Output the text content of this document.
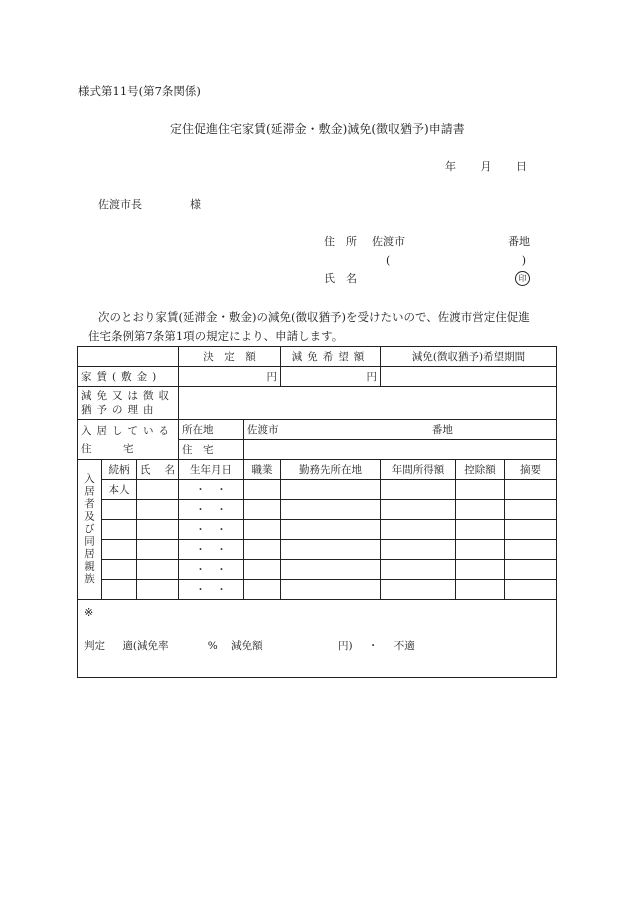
様式第11号(第7条関係)
定住促進住宅家賃(延滞金・敷金)減免(徴収猶予)申請書
年 月 日
佐渡市長	様
住 所 佐渡市	番地
(	)
氏 名	印
次のとおり家賃(延滞金・敷金)の減免(徴収猶予)を受けたいので、佐渡市営定住促進
住宅条例第7条第1項の規定により、申請します。
			決　定　額		減免希望額	減免(徴収猶予)希望期間		
家賃(敷金)			円		円			

減免又は徴収
猶予の理由								

入居している
住　　　宅			所在地	佐渡市 番地				
			住　宅					
入居者及び同居親族	続柄	氏 名	生年月日	職業	勤務先所在地	年間所得額	控除額	摘要
	本人		・　・					
			・　・					
			・　・					
			・　・					
			・　・					
			・　・					

※
判定 適(減免率 % 減免額 円) ・ 不適								
